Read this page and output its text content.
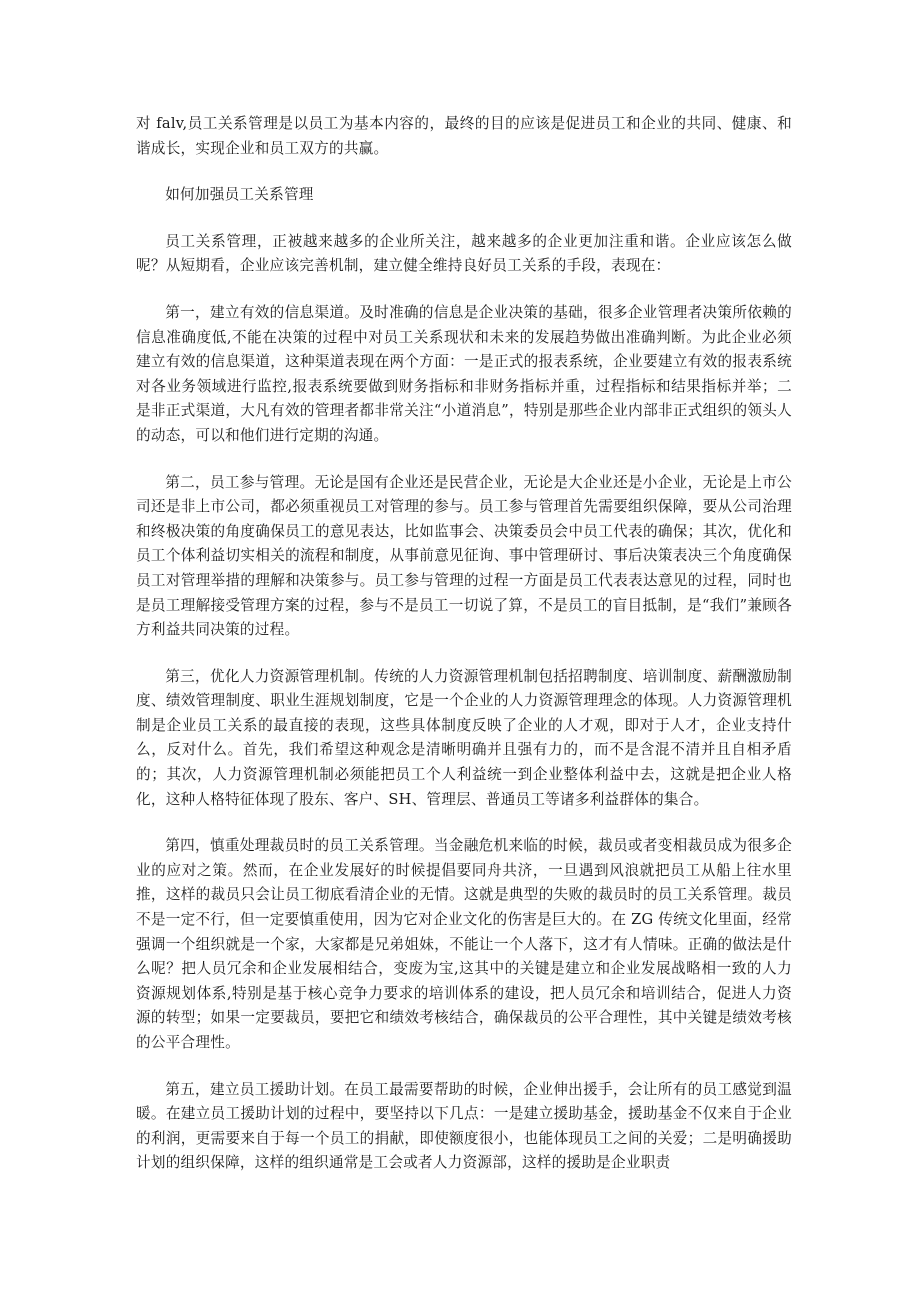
对 falv,员工关系管理是以员工为基本内容的，最终的目的应该是促进员工和企业的共同、健康、和谐成长，实现企业和员工双方的共赢。

如何加强员工关系管理

员工关系管理，正被越来越多的企业所关注，越来越多的企业更加注重和谐。企业应该怎么做呢？从短期看，企业应该完善机制，建立健全维持良好员工关系的手段，表现在：

第一，建立有效的信息渠道。及时准确的信息是企业决策的基础，很多企业管理者决策所依赖的信息准确度低,不能在决策的过程中对员工关系现状和未来的发展趋势做出准确判断。为此企业必须建立有效的信息渠道，这种渠道表现在两个方面：一是正式的报表系统，企业要建立有效的报表系统对各业务领域进行监控,报表系统要做到财务指标和非财务指标并重，过程指标和结果指标并举；二是非正式渠道，大凡有效的管理者都非常关注“小道消息”，特别是那些企业内部非正式组织的领头人的动态，可以和他们进行定期的沟通。

第二，员工参与管理。无论是国有企业还是民营企业，无论是大企业还是小企业，无论是上市公司还是非上市公司，都必须重视员工对管理的参与。员工参与管理首先需要组织保障，要从公司治理和终极决策的角度确保员工的意见表达，比如监事会、决策委员会中员工代表的确保；其次，优化和员工个体利益切实相关的流程和制度，从事前意见征询、事中管理研讨、事后决策表决三个角度确保员工对管理举措的理解和决策参与。员工参与管理的过程一方面是员工代表表达意见的过程，同时也是员工理解接受管理方案的过程，参与不是员工一切说了算，不是员工的盲目抵制，是“我们”兼顾各方利益共同决策的过程。

第三，优化人力资源管理机制。传统的人力资源管理机制包括招聘制度、培训制度、薪酬激励制度、绩效管理制度、职业生涯规划制度，它是一个企业的人力资源管理理念的体现。人力资源管理机制是企业员工关系的最直接的表现，这些具体制度反映了企业的人才观，即对于人才，企业支持什么，反对什么。首先，我们希望这种观念是清晰明确并且强有力的，而不是含混不清并且自相矛盾的；其次，人力资源管理机制必须能把员工个人利益统一到企业整体利益中去，这就是把企业人格化，这种人格特征体现了股东、客户、SH、管理层、普通员工等诸多利益群体的集合。

第四，慎重处理裁员时的员工关系管理。当金融危机来临的时候，裁员或者变相裁员成为很多企业的应对之策。然而，在企业发展好的时候提倡要同舟共济，一旦遇到风浪就把员工从船上往水里推，这样的裁员只会让员工彻底看清企业的无情。这就是典型的失败的裁员时的员工关系管理。裁员不是一定不行，但一定要慎重使用，因为它对企业文化的伤害是巨大的。在 ZG 传统文化里面，经常强调一个组织就是一个家，大家都是兄弟姐妹，不能让一个人落下，这才有人情味。正确的做法是什么呢？把人员冗余和企业发展相结合，变废为宝,这其中的关键是建立和企业发展战略相一致的人力资源规划体系,特别是基于核心竞争力要求的培训体系的建设，把人员冗余和培训结合，促进人力资源的转型；如果一定要裁员，要把它和绩效考核结合，确保裁员的公平合理性，其中关键是绩效考核的公平合理性。

第五，建立员工援助计划。在员工最需要帮助的时候，企业伸出援手，会让所有的员工感觉到温暖。在建立员工援助计划的过程中，要坚持以下几点：一是建立援助基金，援助基金不仅来自于企业的利润，更需要来自于每一个员工的捐献，即使额度很小，也能体现员工之间的关爱；二是明确援助计划的组织保障，这样的组织通常是工会或者人力资源部，这样的援助是企业职责
